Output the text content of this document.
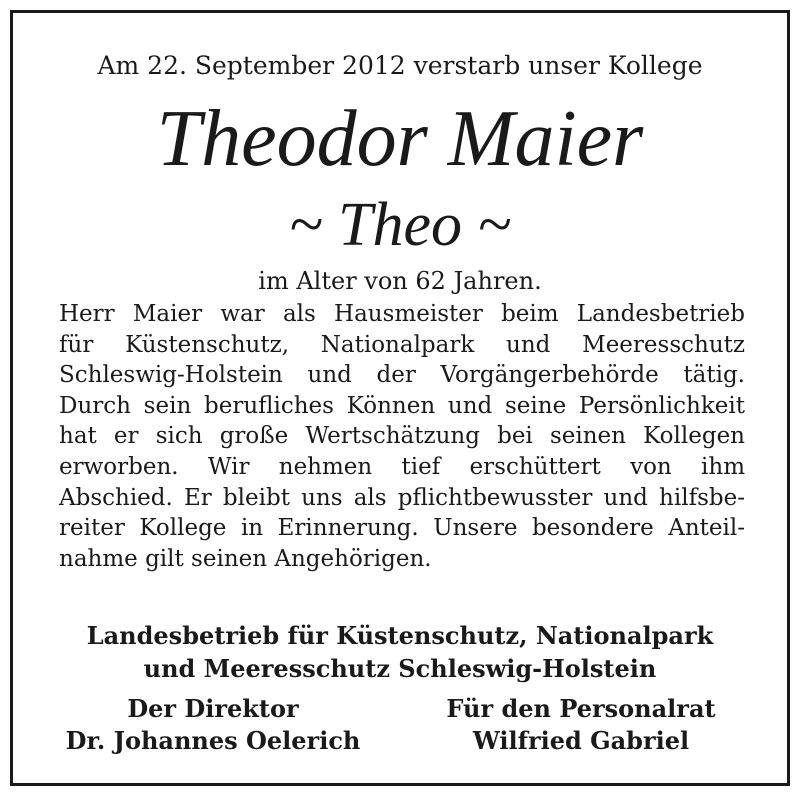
Am 22. September 2012 verstarb unser Kollege
Theodor Maier
~ Theo ~
im Alter von 62 Jahren.
Herr Maier war als Hausmeister beim Landesbetrieb
für Küstenschutz, Nationalpark und Meeresschutz
Schleswig-Holstein und der Vorgängerbehörde tätig.
Durch sein berufliches Können und seine Persönlichkeit
hat er sich große Wertschätzung bei seinen Kollegen
erworben. Wir nehmen tief erschüttert von ihm
Abschied. Er bleibt uns als pflichtbewusster und hilfsbe-
reiter Kollege in Erinnerung. Unsere besondere Anteil-
nahme gilt seinen Angehörigen.
Landesbetrieb für Küstenschutz, Nationalpark
und Meeresschutz Schleswig-Holstein
Der Direktor
Dr. Johannes Oelerich
Für den Personalrat
Wilfried Gabriel
